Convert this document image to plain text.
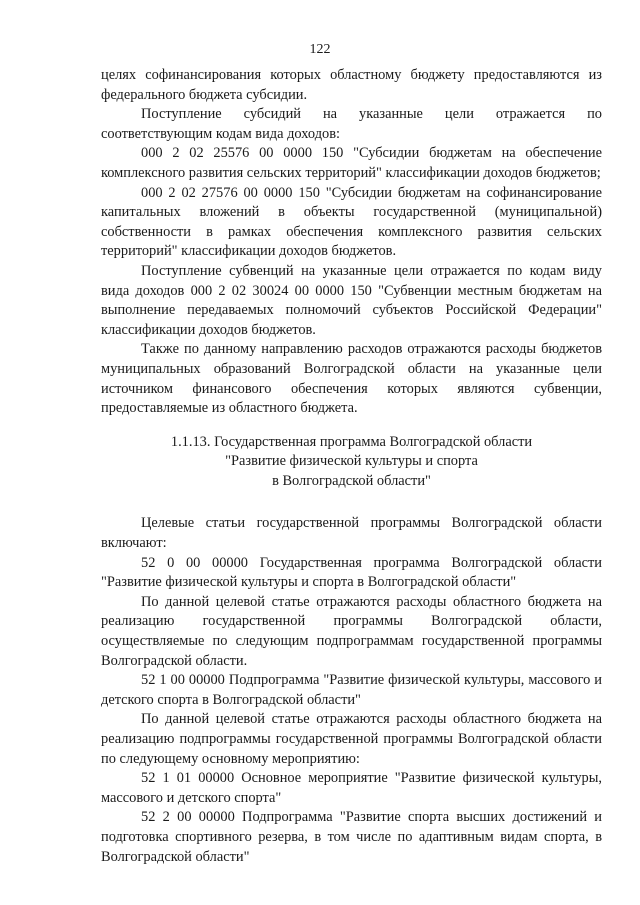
122

целях софинансирования которых областному бюджету предоставляются из федерального бюджета субсидии.

Поступление субсидий на указанные цели отражается по соответствующим кодам вида доходов:

000 2 02 25576 00 0000 150 "Субсидии бюджетам на обеспечение комплексного развития сельских территорий" классификации доходов бюджетов;

000 2 02 27576 00 0000 150 "Субсидии бюджетам на софинансирование капитальных вложений в объекты государственной (муниципальной) собственности в рамках обеспечения комплексного развития сельских территорий" классификации доходов бюджетов.

Поступление субвенций на указанные цели отражается по кодам виду вида доходов 000 2 02 30024 00 0000 150 "Субвенции местным бюджетам на выполнение передаваемых полномочий субъектов Российской Федерации" классификации доходов бюджетов.

Также по данному направлению расходов отражаются расходы бюджетов муниципальных образований Волгоградской области на указанные цели источником финансового обеспечения которых являются субвенции, предоставляемые из областного бюджета.

1.1.13. Государственная программа Волгоградской области
"Развитие физической культуры и спорта
в Волгоградской области"

Целевые статьи государственной программы Волгоградской области включают:

52 0 00 00000 Государственная программа Волгоградской области "Развитие физической культуры и спорта в Волгоградской области"

По данной целевой статье отражаются расходы областного бюджета на реализацию государственной программы Волгоградской области, осуществляемые по следующим подпрограммам государственной программы Волгоградской области.

52 1 00 00000 Подпрограмма "Развитие физической культуры, массового и детского спорта в Волгоградской области"

По данной целевой статье отражаются расходы областного бюджета на реализацию подпрограммы государственной программы Волгоградской области по следующему основному мероприятию:

52 1 01 00000 Основное мероприятие "Развитие физической культуры, массового и детского спорта"

52 2 00 00000 Подпрограмма "Развитие спорта высших достижений и подготовка спортивного резерва, в том числе по адаптивным видам спорта, в Волгоградской области"
